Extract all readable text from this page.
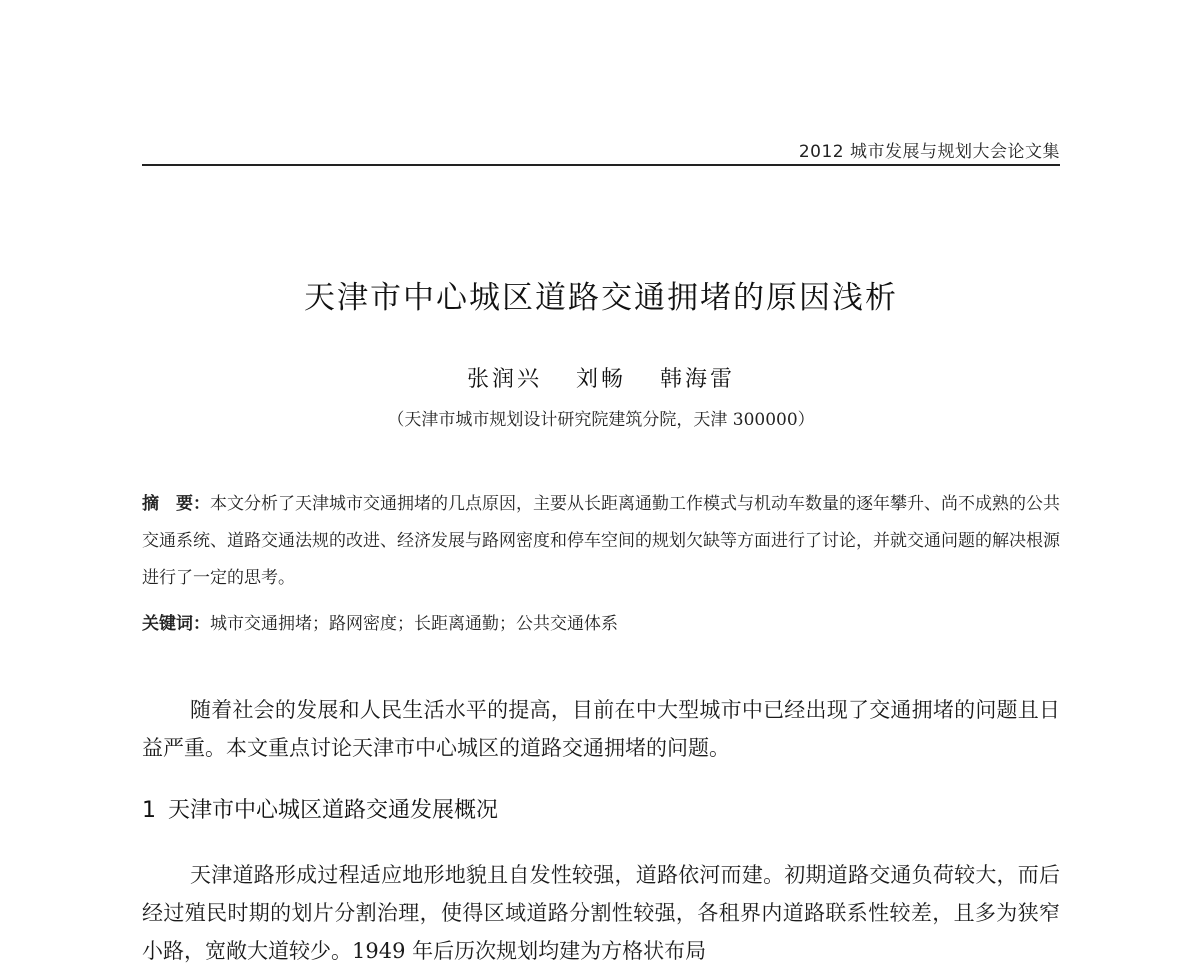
2012 城市发展与规划大会论文集
天津市中心城区道路交通拥堵的原因浅析
张润兴 刘畅 韩海雷
（天津市城市规划设计研究院建筑分院，天津 300000）
摘　要：本文分析了天津城市交通拥堵的几点原因，主要从长距离通勤工作模式与机动车数量的逐年攀升、尚不成熟的公共交通系统、道路交通法规的改进、经济发展与路网密度和停车空间的规划欠缺等方面进行了讨论，并就交通问题的解决根源进行了一定的思考。
关键词：城市交通拥堵；路网密度；长距离通勤；公共交通体系
随着社会的发展和人民生活水平的提高，目前在中大型城市中已经出现了交通拥堵的问题且日益严重。本文重点讨论天津市中心城区的道路交通拥堵的问题。
1 天津市中心城区道路交通发展概况
天津道路形成过程适应地形地貌且自发性较强，道路依河而建。初期道路交通负荷较大，而后经过殖民时期的划片分割治理，使得区域道路分割性较强，各租界内道路联系性较差，且多为狭窄小路，宽敞大道较少。1949 年后历次规划均建为方格状布局
